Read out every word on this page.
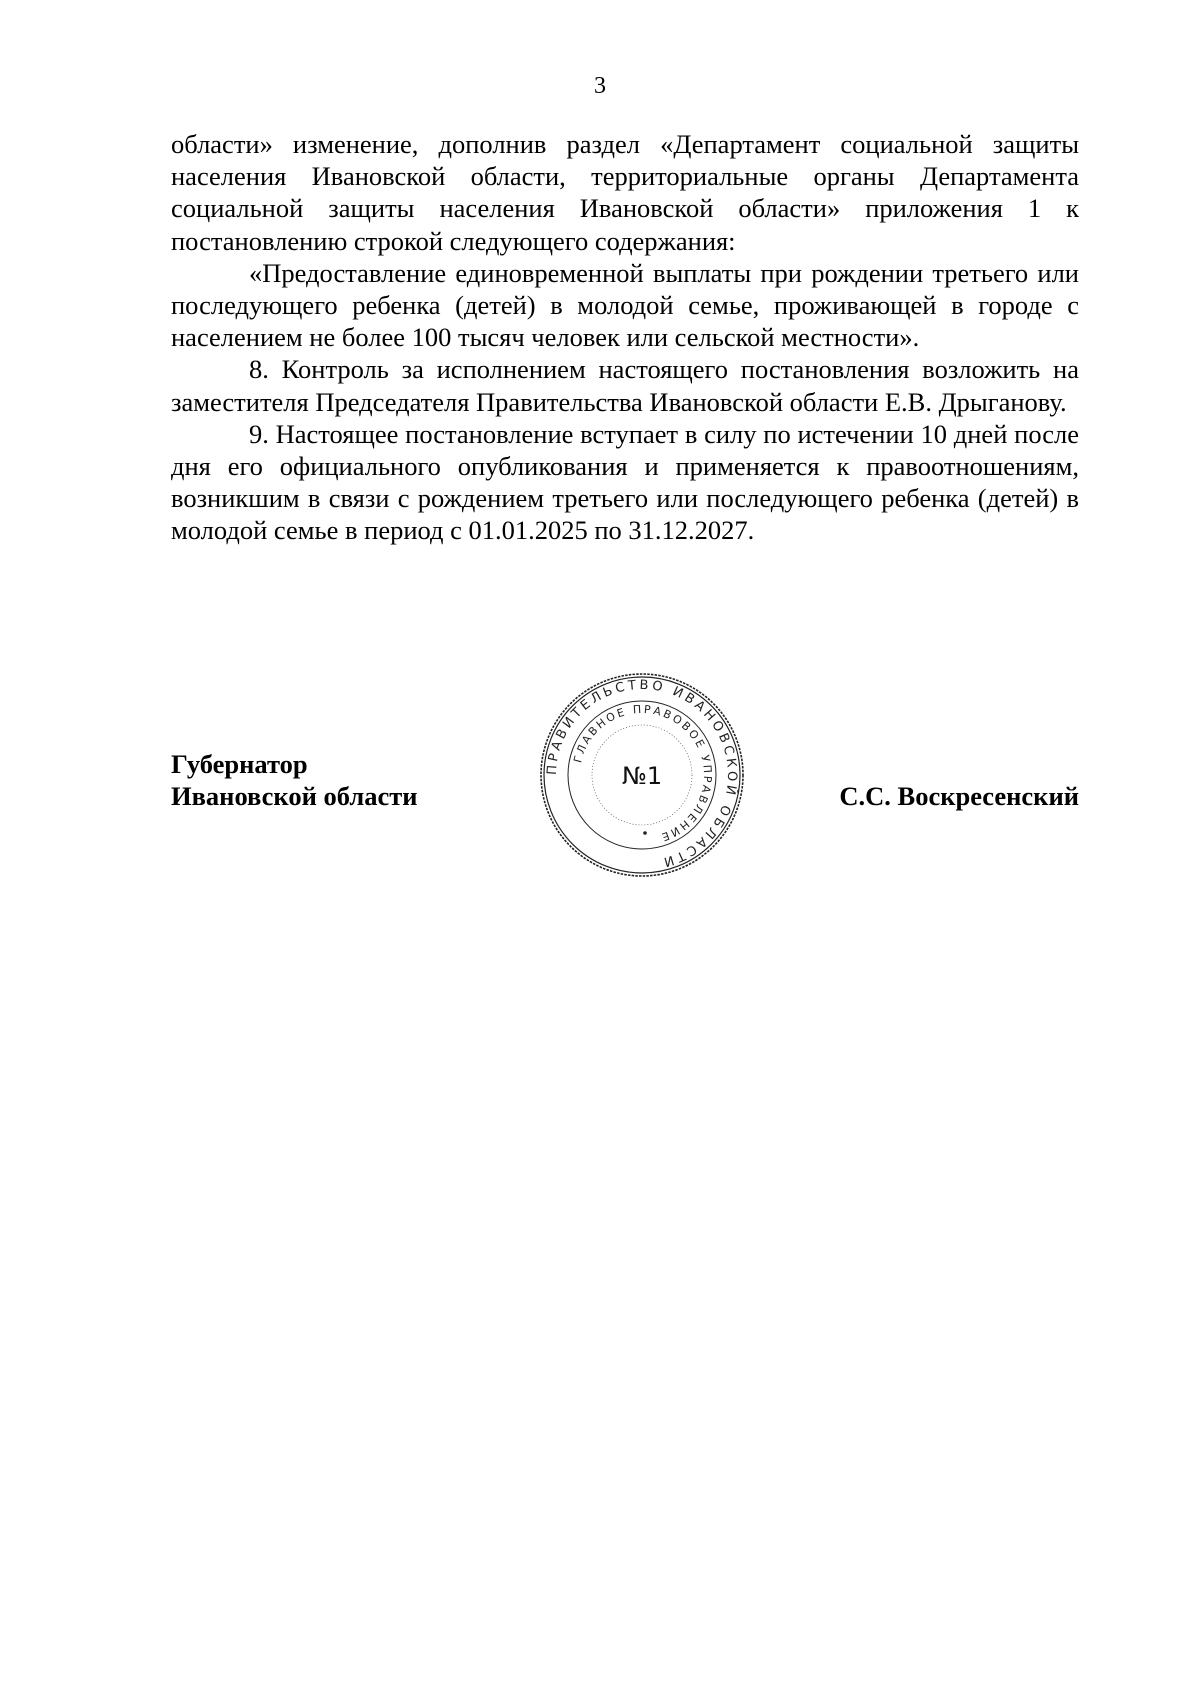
3

области» изменение, дополнив раздел «Департамент социальной защиты населения Ивановской области, территориальные органы Департамента социальной защиты населения Ивановской области» приложения 1 к постановлению строкой следующего содержания:

«Предоставление единовременной выплаты при рождении третьего или последующего ребенка (детей) в молодой семье, проживающей в городе с населением не более 100 тысяч человек или сельской местности».

8. Контроль за исполнением настоящего постановления возложить на заместителя Председателя Правительства Ивановской области Е.В. Дрыганову.

9. Настоящее постановление вступает в силу по истечении 10 дней после дня его официального опубликования и применяется к правоотношениям, возникшим в связи с рождением третьего или последующего ребенка (детей) в молодой семье в период с 01.01.2025 по 31.12.2027.

ПРАВИТЕЛЬСТВО ИВАНОВСКОЙ ОБЛАСТИ
ГЛАВНОЕ ПРАВОВОЕ УПРАВЛЕНИЕ
№1
Губернатор
Ивановской области	С.С. Воскресенский
